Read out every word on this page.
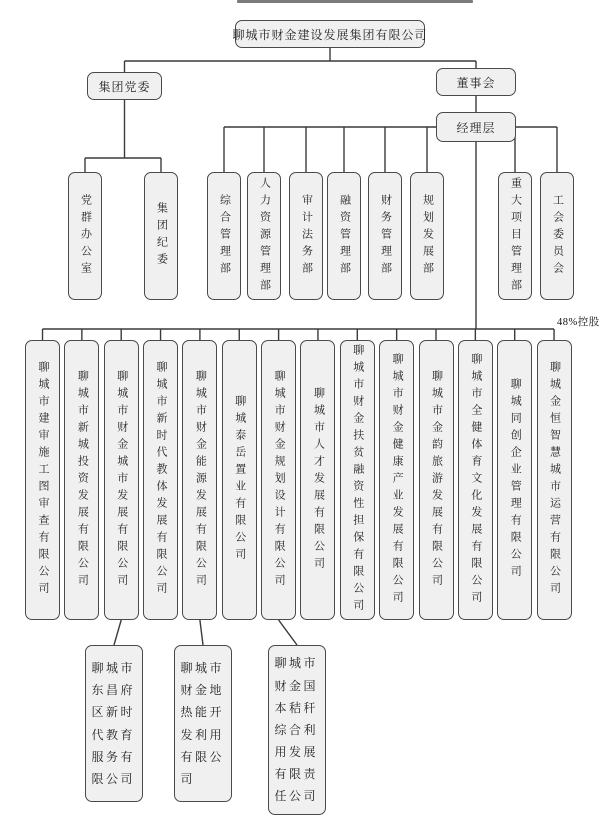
聊城市财金建设发展集团有限公司
集团党委	董事会
经理层
党群办公室	集团纪委	综合管理部	人力资源管理部	审计法务部 融资管理部	财务管理部	规划发展部	重大项目管理部	工会委员会
48%控股
聊城市建审施工图审查有限公司 聊城市新城投资发展有限公司 聊城市财金城市发展有限公司 聊城市新时代教体发展有限公司 聊城市财金能源发展有限公司 聊城泰岳置业有限公司 聊城市财金规划设计有限公司 聊城市人才发展有限公司 聊城市财金扶贫融资性担保有限公司 聊城市财金健康产业发展有限公司 聊城市金韵旅游发展有限公司 聊城市全健体育文化发展有限公司 聊城同创企业管理有限公司 聊城金恒智慧城市运营有限公司
聊城市东昌府区新时代教育服务有限公司
聊城市财金地热能开发利用有限公司
聊城市财金国本秸秆综合利用发展有限责任公司
